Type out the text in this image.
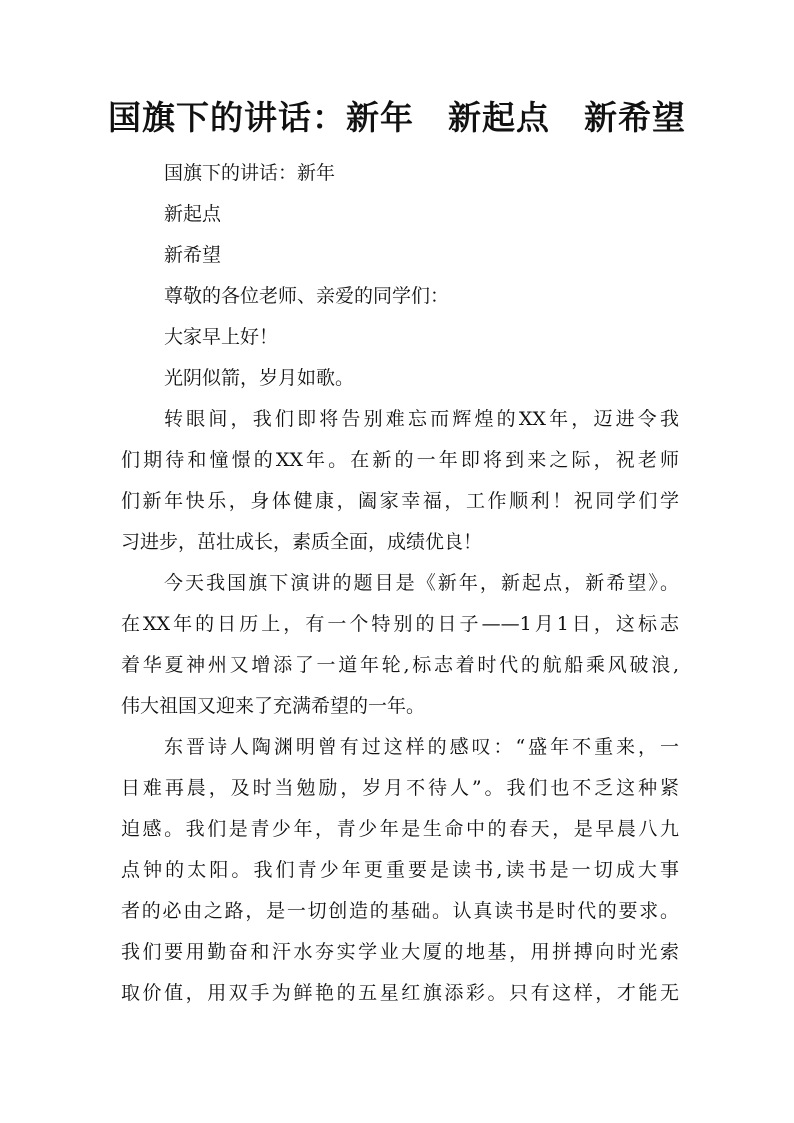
国旗下的讲话：新年　新起点　新希望
国旗下的讲话：新年
新起点
新希望
尊敬的各位老师、亲爱的同学们：
大家早上好！
光阴似箭，岁月如歌。
转眼间，我们即将告别难忘而辉煌的XX年，迈进令我
们期待和憧憬的XX年。在新的一年即将到来之际，祝老师
们新年快乐，身体健康，阖家幸福，工作顺利！祝同学们学
习进步，茁壮成长，素质全面，成绩优良！
今天我国旗下演讲的题目是《新年，新起点，新希望》。
在XX年的日历上，有一个特别的日子——1月1日，这标志
着华夏神州又增添了一道年轮,标志着时代的航船乘风破浪,
伟大祖国又迎来了充满希望的一年。
东晋诗人陶渊明曾有过这样的感叹：“盛年不重来，一
日难再晨，及时当勉励，岁月不待人”。我们也不乏这种紧
迫感。我们是青少年，青少年是生命中的春天，是早晨八九
点钟的太阳。我们青少年更重要是读书,读书是一切成大事
者的必由之路，是一切创造的基础。认真读书是时代的要求。
我们要用勤奋和汗水夯实学业大厦的地基，用拼搏向时光索
取价值，用双手为鲜艳的五星红旗添彩。只有这样，才能无
